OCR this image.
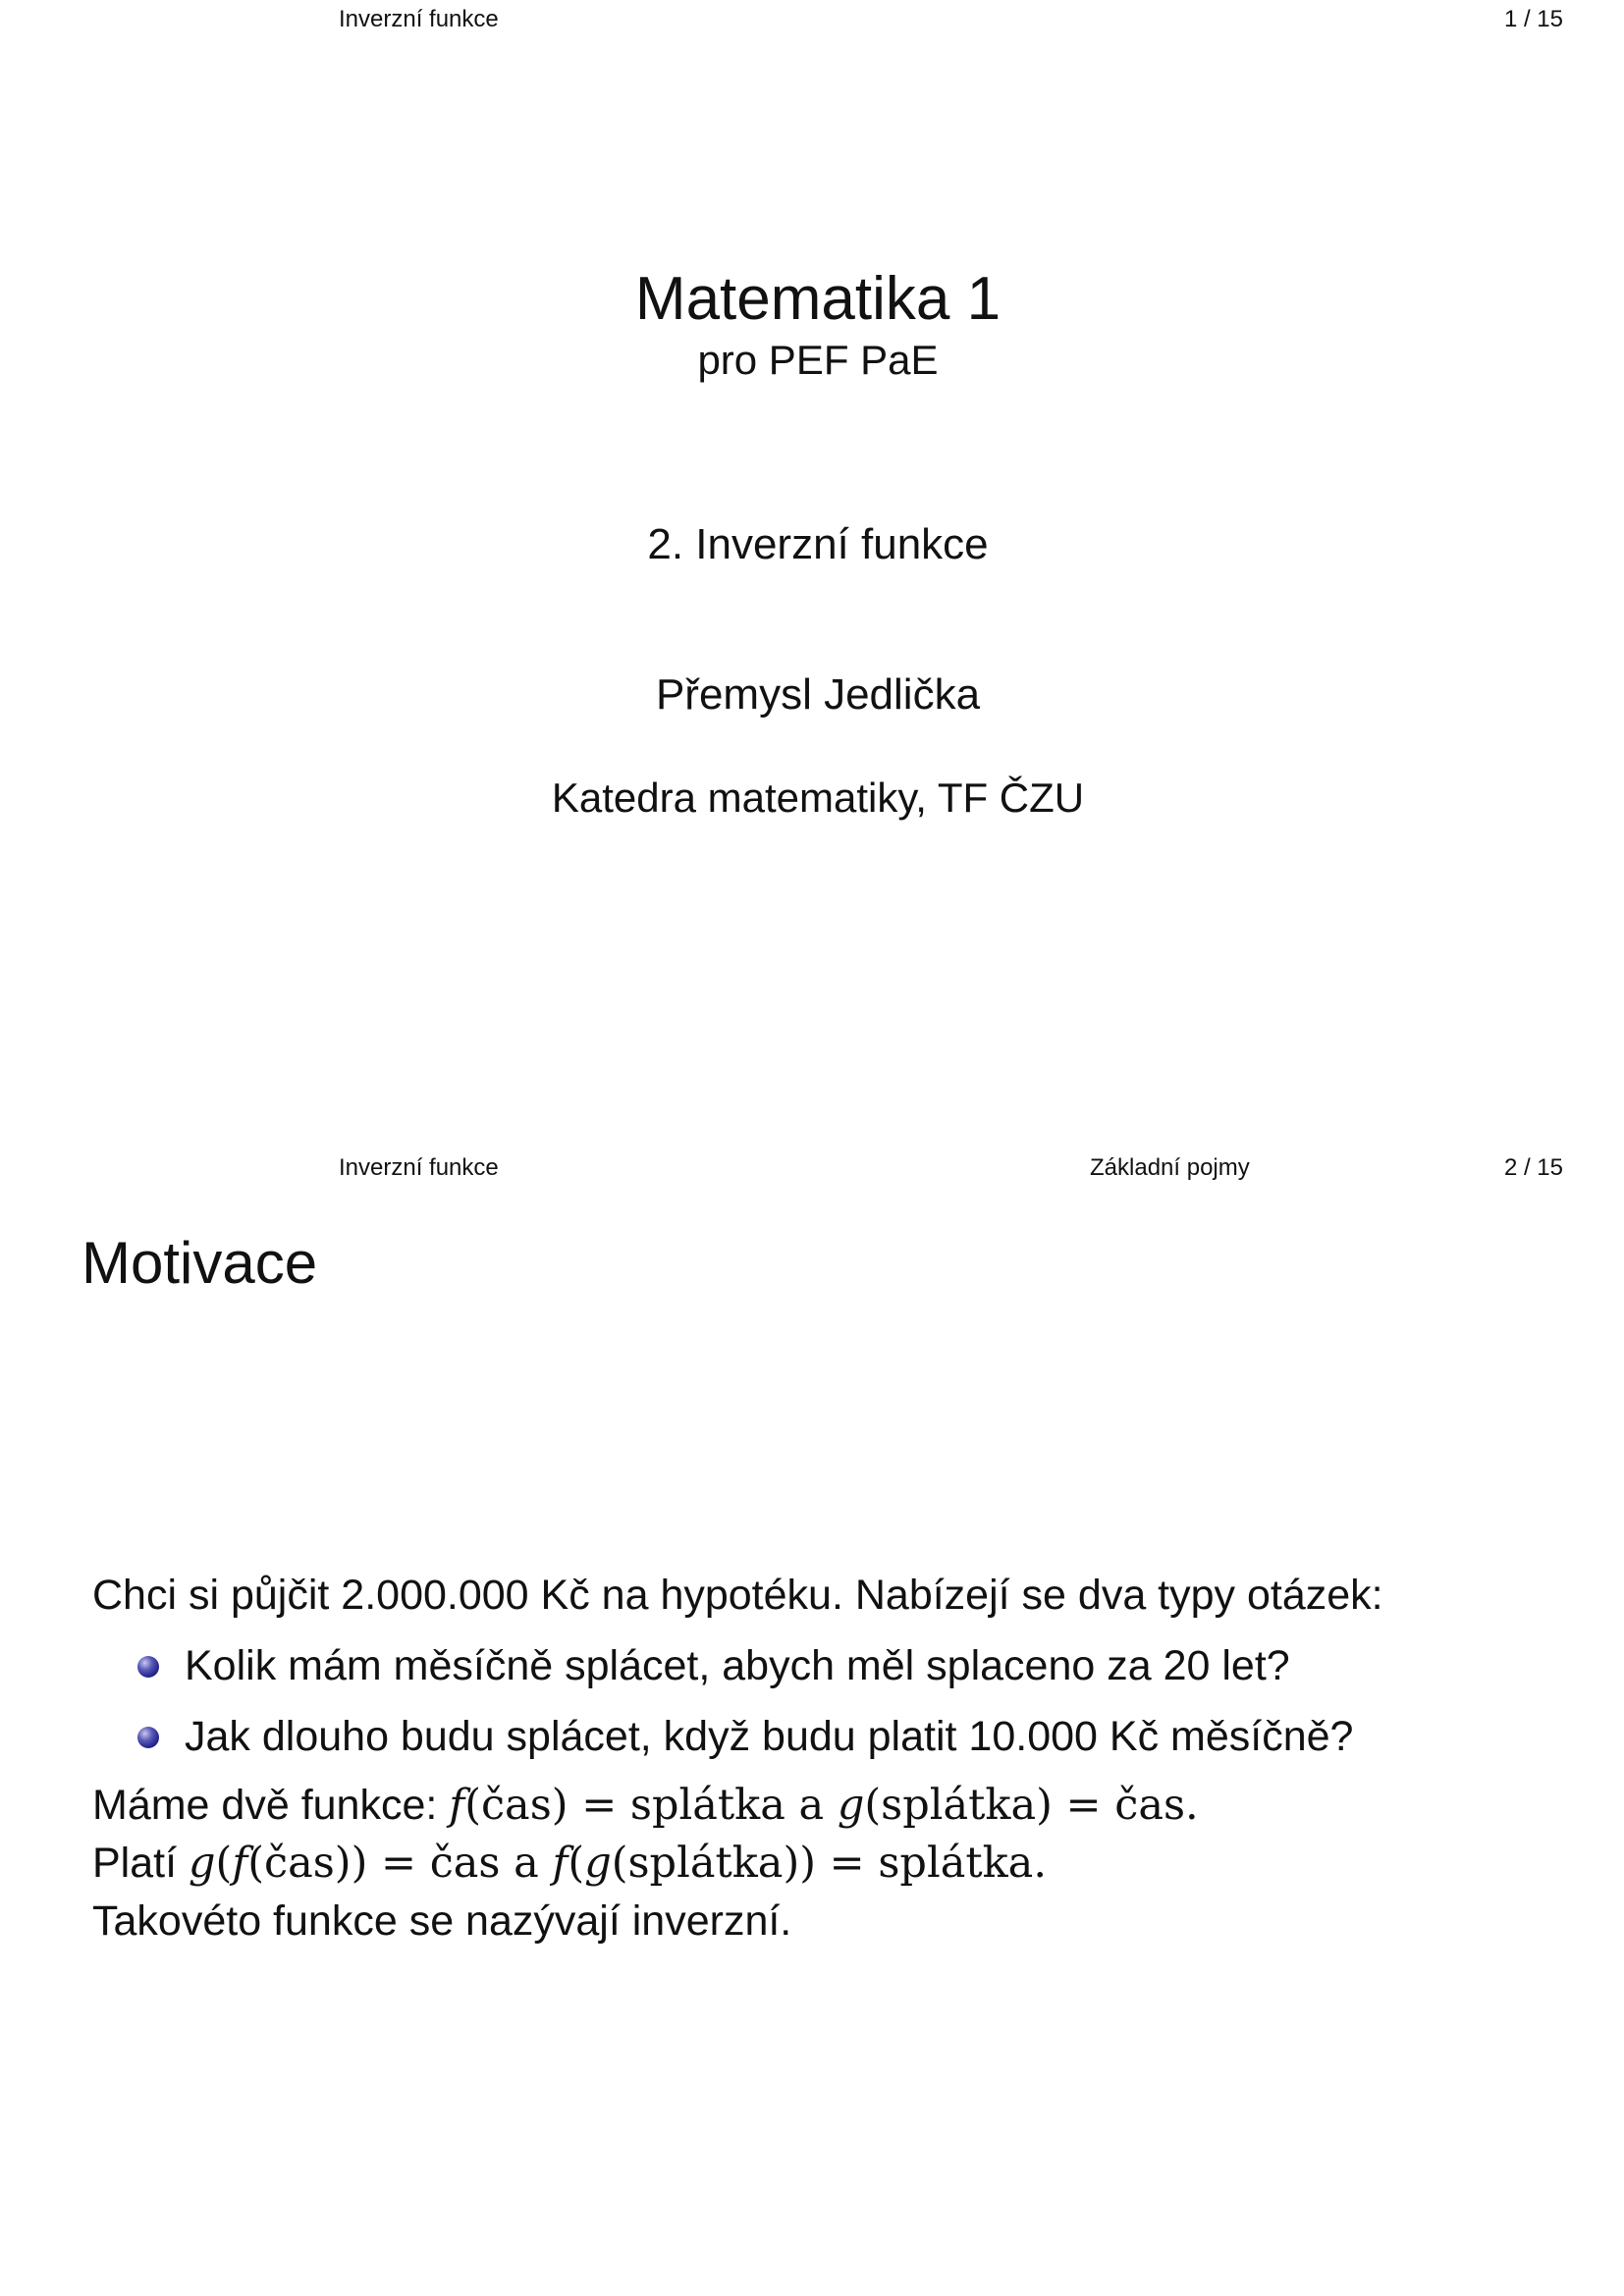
Inverzní funkce	1 / 15
Matematika 1
pro PEF PaE
2. Inverzní funkce
Přemysl Jedlička
Katedra matematiky, TF ČZU
Inverzní funkce	Základní pojmy	2 / 15
Motivace
Chci si půjčit 2.000.000 Kč na hypotéku. Nabízejí se dva typy otázek:
Kolik mám měsíčně splácet, abych měl splaceno za 20 let?
Jak dlouho budu splácet, když budu platit 10.000 Kč měsíčně?
Máme dvě funkce: f(čas) = splátka a g(splátka) = čas.
Platí g(f(čas)) = čas a f(g(splátka)) = splátka.
Takovéto funkce se nazývají inverzní.
